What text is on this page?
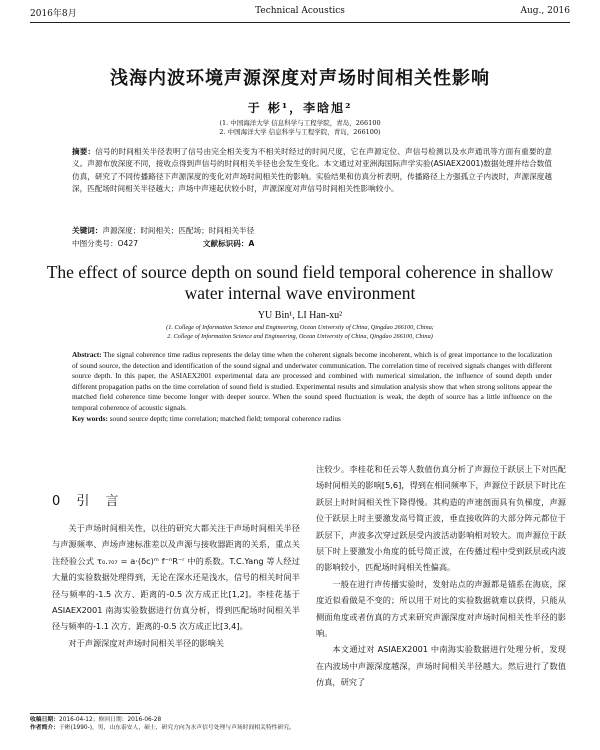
2016年8月	Technical Acoustics	Aug., 2016
浅海内波环境声源深度对声场时间相关性影响
于 彬¹，李晗旭²
(1. 中国海洋大学 信息科学与工程学院，青岛，266100
2. 中国海洋大学 信息科学与工程学院，青岛，266100)
摘要：信号的时间相关半径表明了信号由完全相关变为不相关时经过的时间尺度，它在声源定位、声信号检测以及水声通讯等方面有重要的意义。声源布放深度不同，接收点得到声信号的时间相关半径也会发生变化。本文通过对亚洲海国际声学实验(ASIAEX2001)数据处理并结合数值仿真，研究了不同传播路径下声源深度的变化对声场时间相关性的影响。实验结果和仿真分析表明，传播路径上方强孤立子内波时，声源深度越深，匹配场时间相关半径越大；声场中声速起伏较小时，声源深度对声信号时间相关性影响较小。
关键词：声源深度；时间相关；匹配场；时间相关半径
中图分类号：O427	文献标识码：A
The effect of source depth on sound field temporal coherence in shallow water internal wave environment
YU Bin¹, LI Han-xu²
(1. College of Information Science and Engineering, Ocean University of China, Qingdao 266100, China;
2. College of Information Science and Engineering, Ocean University of China, Qingdao 266100, China)
Abstract: The signal coherence time radius represents the delay time when the coherent signals become incoherent, which is of great importance to the localization of sound source, the detection and identification of the sound signal and underwater communication. The correlation time of received signals changes with different source depth. In this paper, the ASIAEX2001 experimental data are processed and combined with numerical simulation, the influence of sound depth under different propagation paths on the time correlation of sound field is studied. Experimental results and simulation analysis show that when strong solitons appear the matched field coherence time become longer with deeper source. When the sound speed fluctuation is weak, the depth of source has a little influence on the temporal coherence of acoustic signals.
Key words: sound source depth; time correlation; matched field; temporal coherence radius
0 引 言

关于声场时间相关性，以往的研究大都关注于声场时间相关半径与声源频率、声场声速标准差以及声源与接收器距离的关系，重点关注经验公式 τ₀.₇₀₇ = a·(δc)ᵐ f⁻ⁿR⁻ʳ 中的系数。T.C.Yang 等人经过大量的实验数据处理得到，无论在深水还是浅水，信号的相关时间半径与频率的-1.5 次方、距离的-0.5 次方成正比[1,2]。李桂花基于 ASIAEX2001 南海实验数据进行仿真分析，得到匹配场时间相关半径与频率的-1.1 次方、距离的-0.5 次方成正比[3,4]。

对于声源深度对声场时间相关半径的影响关

注较少。李桂花和任云等人数值仿真分析了声源位于跃层上下对匹配场时间相关的影响[5,6]，得到在相同频率下，声源位于跃层下时比在跃层上时时间相关性下降得慢。其构造的声速剖面具有负梯度，声源位于跃层上时主要激发高号简正波，垂直接收阵的大部分阵元都位于跃层下，声波多次穿过跃层受内波活动影响相对较大。而声源位于跃层下时上要激发小角度的低号简正波，在传播过程中受到跃层或内波的影响较小，匹配场时间相关性偏高。

一般在进行声传播实验时，发射站点的声源都是锚系在海底，深度近似看做是不变的；所以用于对比的实验数据就难以获得，只能从侧面角度或者仿真的方式来研究声源深度对声场时间相关性半径的影响。

本文通过对 ASIAEX2001 中南海实验数据进行处理分析，发现在内波场中声源深度越深，声场时间相关半径越大。然后进行了数值仿真，研究了

收稿日期：2016-04-12；修回日期：2016-06-28
作者简介：于彬(1990-)，男，山东泰安人，硕士，研究方向为水声信号处理与声场时间相关特性研究。
